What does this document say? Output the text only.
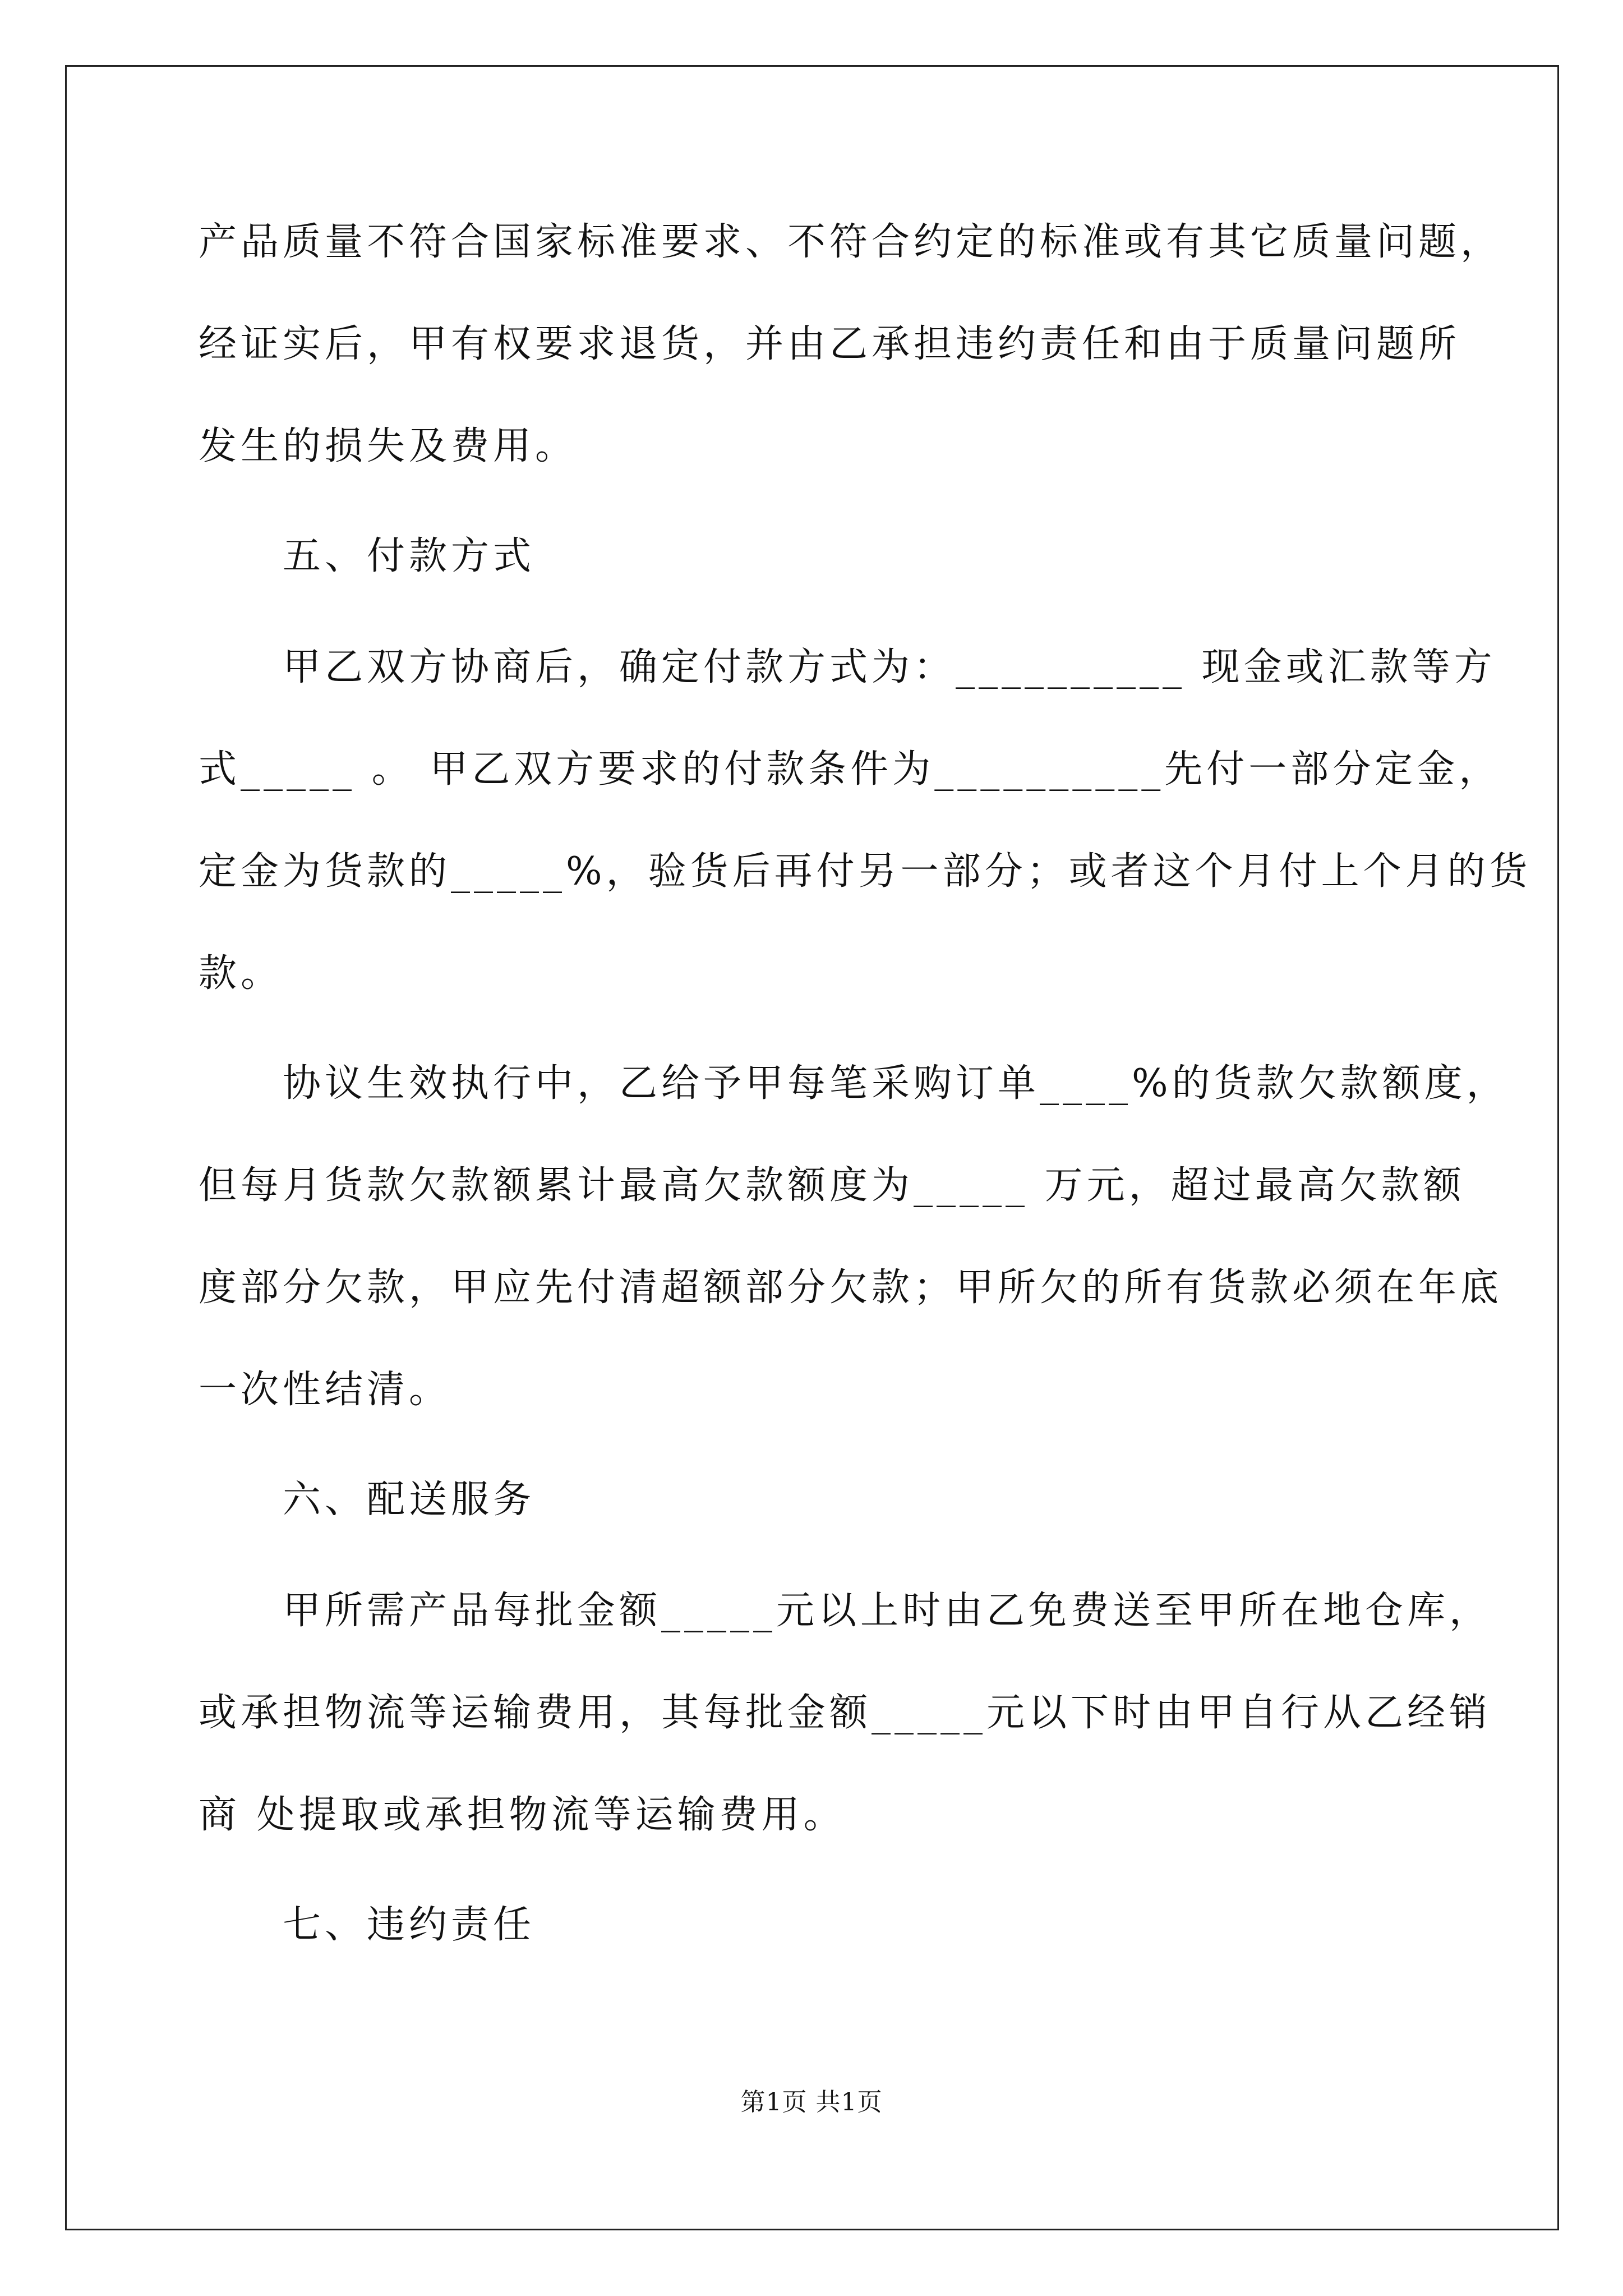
产品质量不符合国家标准要求、不符合约定的标准或有其它质量问题，
经证实后，甲有权要求退货，并由乙承担违约责任和由于质量问题所
发生的损失及费用。
五、付款方式
甲乙双方协商后，确定付款方式为：__________ 现金或汇款等方
式_____ 。 甲乙双方要求的付款条件为__________先付一部分定金，
定金为货款的_____%，验货后再付另一部分；或者这个月付上个月的货
款。
协议生效执行中，乙给予甲每笔采购订单____%的货款欠款额度，
但每月货款欠款额累计最高欠款额度为_____ 万元，超过最高欠款额
度部分欠款，甲应先付清超额部分欠款；甲所欠的所有货款必须在年底
一次性结清。
六、配送服务
甲所需产品每批金额_____元以上时由乙免费送至甲所在地仓库，
或承担物流等运输费用，其每批金额_____元以下时由甲自行从乙经销
商 处提取或承担物流等运输费用。
七、违约责任
第1页 共1页
